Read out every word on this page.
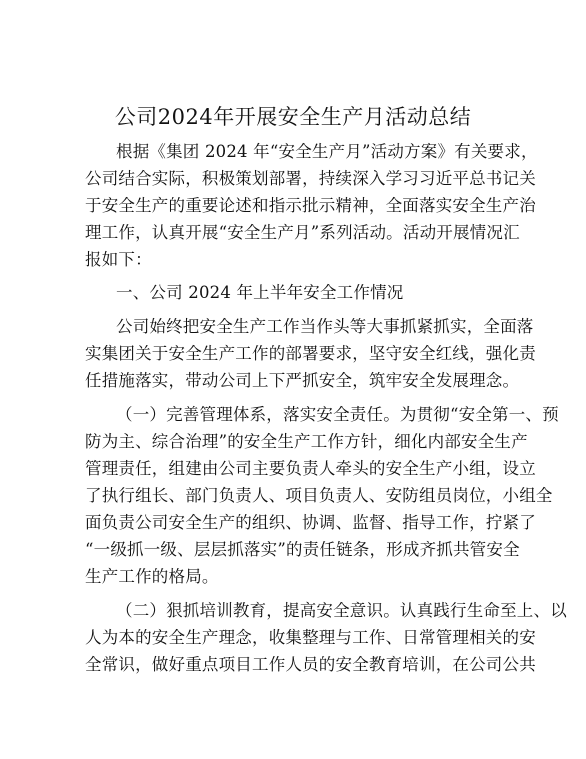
公司2024年开展安全生产月活动总结
根据《集团 2024 年“安全生产月”活动方案》有关要求，
公司结合实际，积极策划部署，持续深入学习习近平总书记关
于安全生产的重要论述和指示批示精神，全面落实安全生产治
理工作，认真开展“安全生产月”系列活动。活动开展情况汇
报如下：
一、公司 2024 年上半年安全工作情况
公司始终把安全生产工作当作头等大事抓紧抓实，全面落
实集团关于安全生产工作的部署要求，坚守安全红线，强化责
任措施落实，带动公司上下严抓安全，筑牢安全发展理念。
（一）完善管理体系，落实安全责任。为贯彻“安全第一、预
防为主、综合治理”的安全生产工作方针，细化内部安全生产
管理责任，组建由公司主要负责人牵头的安全生产小组，设立
了执行组长、部门负责人、项目负责人、安防组员岗位，小组全
面负责公司安全生产的组织、协调、监督、指导工作，拧紧了
“一级抓一级、层层抓落实”的责任链条，形成齐抓共管安全
生产工作的格局。
（二）狠抓培训教育，提高安全意识。认真践行生命至上、以
人为本的安全生产理念，收集整理与工作、日常管理相关的安
全常识，做好重点项目工作人员的安全教育培训，在公司公共
